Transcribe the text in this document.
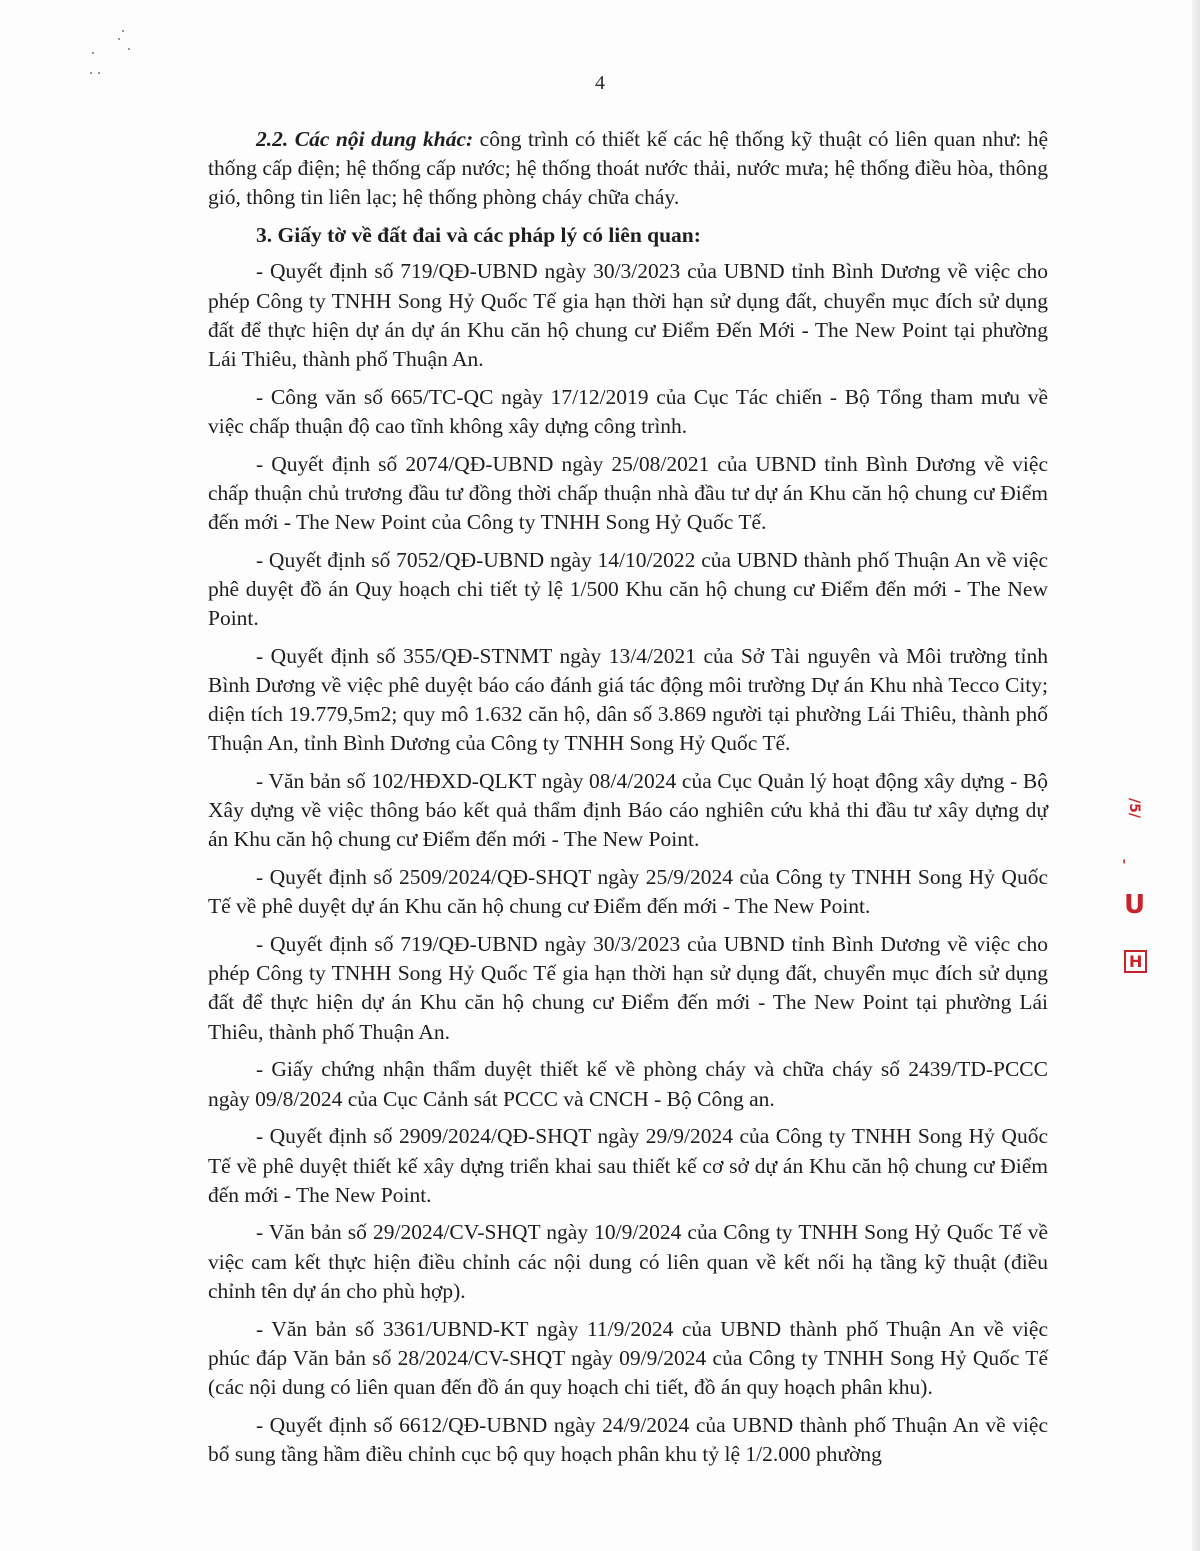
4

2.2. Các nội dung khác: công trình có thiết kế các hệ thống kỹ thuật có liên quan như: hệ thống cấp điện; hệ thống cấp nước; hệ thống thoát nước thải, nước mưa; hệ thống điều hòa, thông gió, thông tin liên lạc; hệ thống phòng cháy chữa cháy.

3. Giấy tờ về đất đai và các pháp lý có liên quan:

- Quyết định số 719/QĐ-UBND ngày 30/3/2023 của UBND tỉnh Bình Dương về việc cho phép Công ty TNHH Song Hỷ Quốc Tế gia hạn thời hạn sử dụng đất, chuyển mục đích sử dụng đất để thực hiện dự án dự án Khu căn hộ chung cư Điểm Đến Mới - The New Point tại phường Lái Thiêu, thành phố Thuận An.

- Công văn số 665/TC-QC ngày 17/12/2019 của Cục Tác chiến - Bộ Tổng tham mưu về việc chấp thuận độ cao tĩnh không xây dựng công trình.

- Quyết định số 2074/QĐ-UBND ngày 25/08/2021 của UBND tỉnh Bình Dương về việc chấp thuận chủ trương đầu tư đồng thời chấp thuận nhà đầu tư dự án Khu căn hộ chung cư Điểm đến mới - The New Point của Công ty TNHH Song Hỷ Quốc Tế.

- Quyết định số 7052/QĐ-UBND ngày 14/10/2022 của UBND thành phố Thuận An về việc phê duyệt đồ án Quy hoạch chi tiết tỷ lệ 1/500 Khu căn hộ chung cư Điểm đến mới - The New Point.

- Quyết định số 355/QĐ-STNMT ngày 13/4/2021 của Sở Tài nguyên và Môi trường tỉnh Bình Dương về việc phê duyệt báo cáo đánh giá tác động môi trường Dự án Khu nhà Tecco City; diện tích 19.779,5m2; quy mô 1.632 căn hộ, dân số 3.869 người tại phường Lái Thiêu, thành phố Thuận An, tỉnh Bình Dương của Công ty TNHH Song Hỷ Quốc Tế.

- Văn bản số 102/HĐXD-QLKT ngày 08/4/2024 của Cục Quản lý hoạt động xây dựng - Bộ Xây dựng về việc thông báo kết quả thẩm định Báo cáo nghiên cứu khả thi đầu tư xây dựng dự án Khu căn hộ chung cư Điểm đến mới - The New Point.

- Quyết định số 2509/2024/QĐ-SHQT ngày 25/9/2024 của Công ty TNHH Song Hỷ Quốc Tế về phê duyệt dự án Khu căn hộ chung cư Điểm đến mới - The New Point.

- Quyết định số 719/QĐ-UBND ngày 30/3/2023 của UBND tỉnh Bình Dương về việc cho phép Công ty TNHH Song Hỷ Quốc Tế gia hạn thời hạn sử dụng đất, chuyển mục đích sử dụng đất để thực hiện dự án Khu căn hộ chung cư Điểm đến mới - The New Point tại phường Lái Thiêu, thành phố Thuận An.

- Giấy chứng nhận thẩm duyệt thiết kế về phòng cháy và chữa cháy số 2439/TD-PCCC ngày 09/8/2024 của Cục Cảnh sát PCCC và CNCH - Bộ Công an.

- Quyết định số 2909/2024/QĐ-SHQT ngày 29/9/2024 của Công ty TNHH Song Hỷ Quốc Tế về phê duyệt thiết kế xây dựng triển khai sau thiết kế cơ sở dự án Khu căn hộ chung cư Điểm đến mới - The New Point.

- Văn bản số 29/2024/CV-SHQT ngày 10/9/2024 của Công ty TNHH Song Hỷ Quốc Tế về việc cam kết thực hiện điều chỉnh các nội dung có liên quan về kết nối hạ tầng kỹ thuật (điều chỉnh tên dự án cho phù hợp).

- Văn bản số 3361/UBND-KT ngày 11/9/2024 của UBND thành phố Thuận An về việc phúc đáp Văn bản số 28/2024/CV-SHQT ngày 09/9/2024 của Công ty TNHH Song Hỷ Quốc Tế (các nội dung có liên quan đến đồ án quy hoạch chi tiết, đồ án quy hoạch phân khu).

- Quyết định số 6612/QĐ-UBND ngày 24/9/2024 của UBND thành phố Thuận An về việc bổ sung tầng hầm điều chỉnh cục bộ quy hoạch phân khu tỷ lệ 1/2.000 phường

/5/
'
U
H
